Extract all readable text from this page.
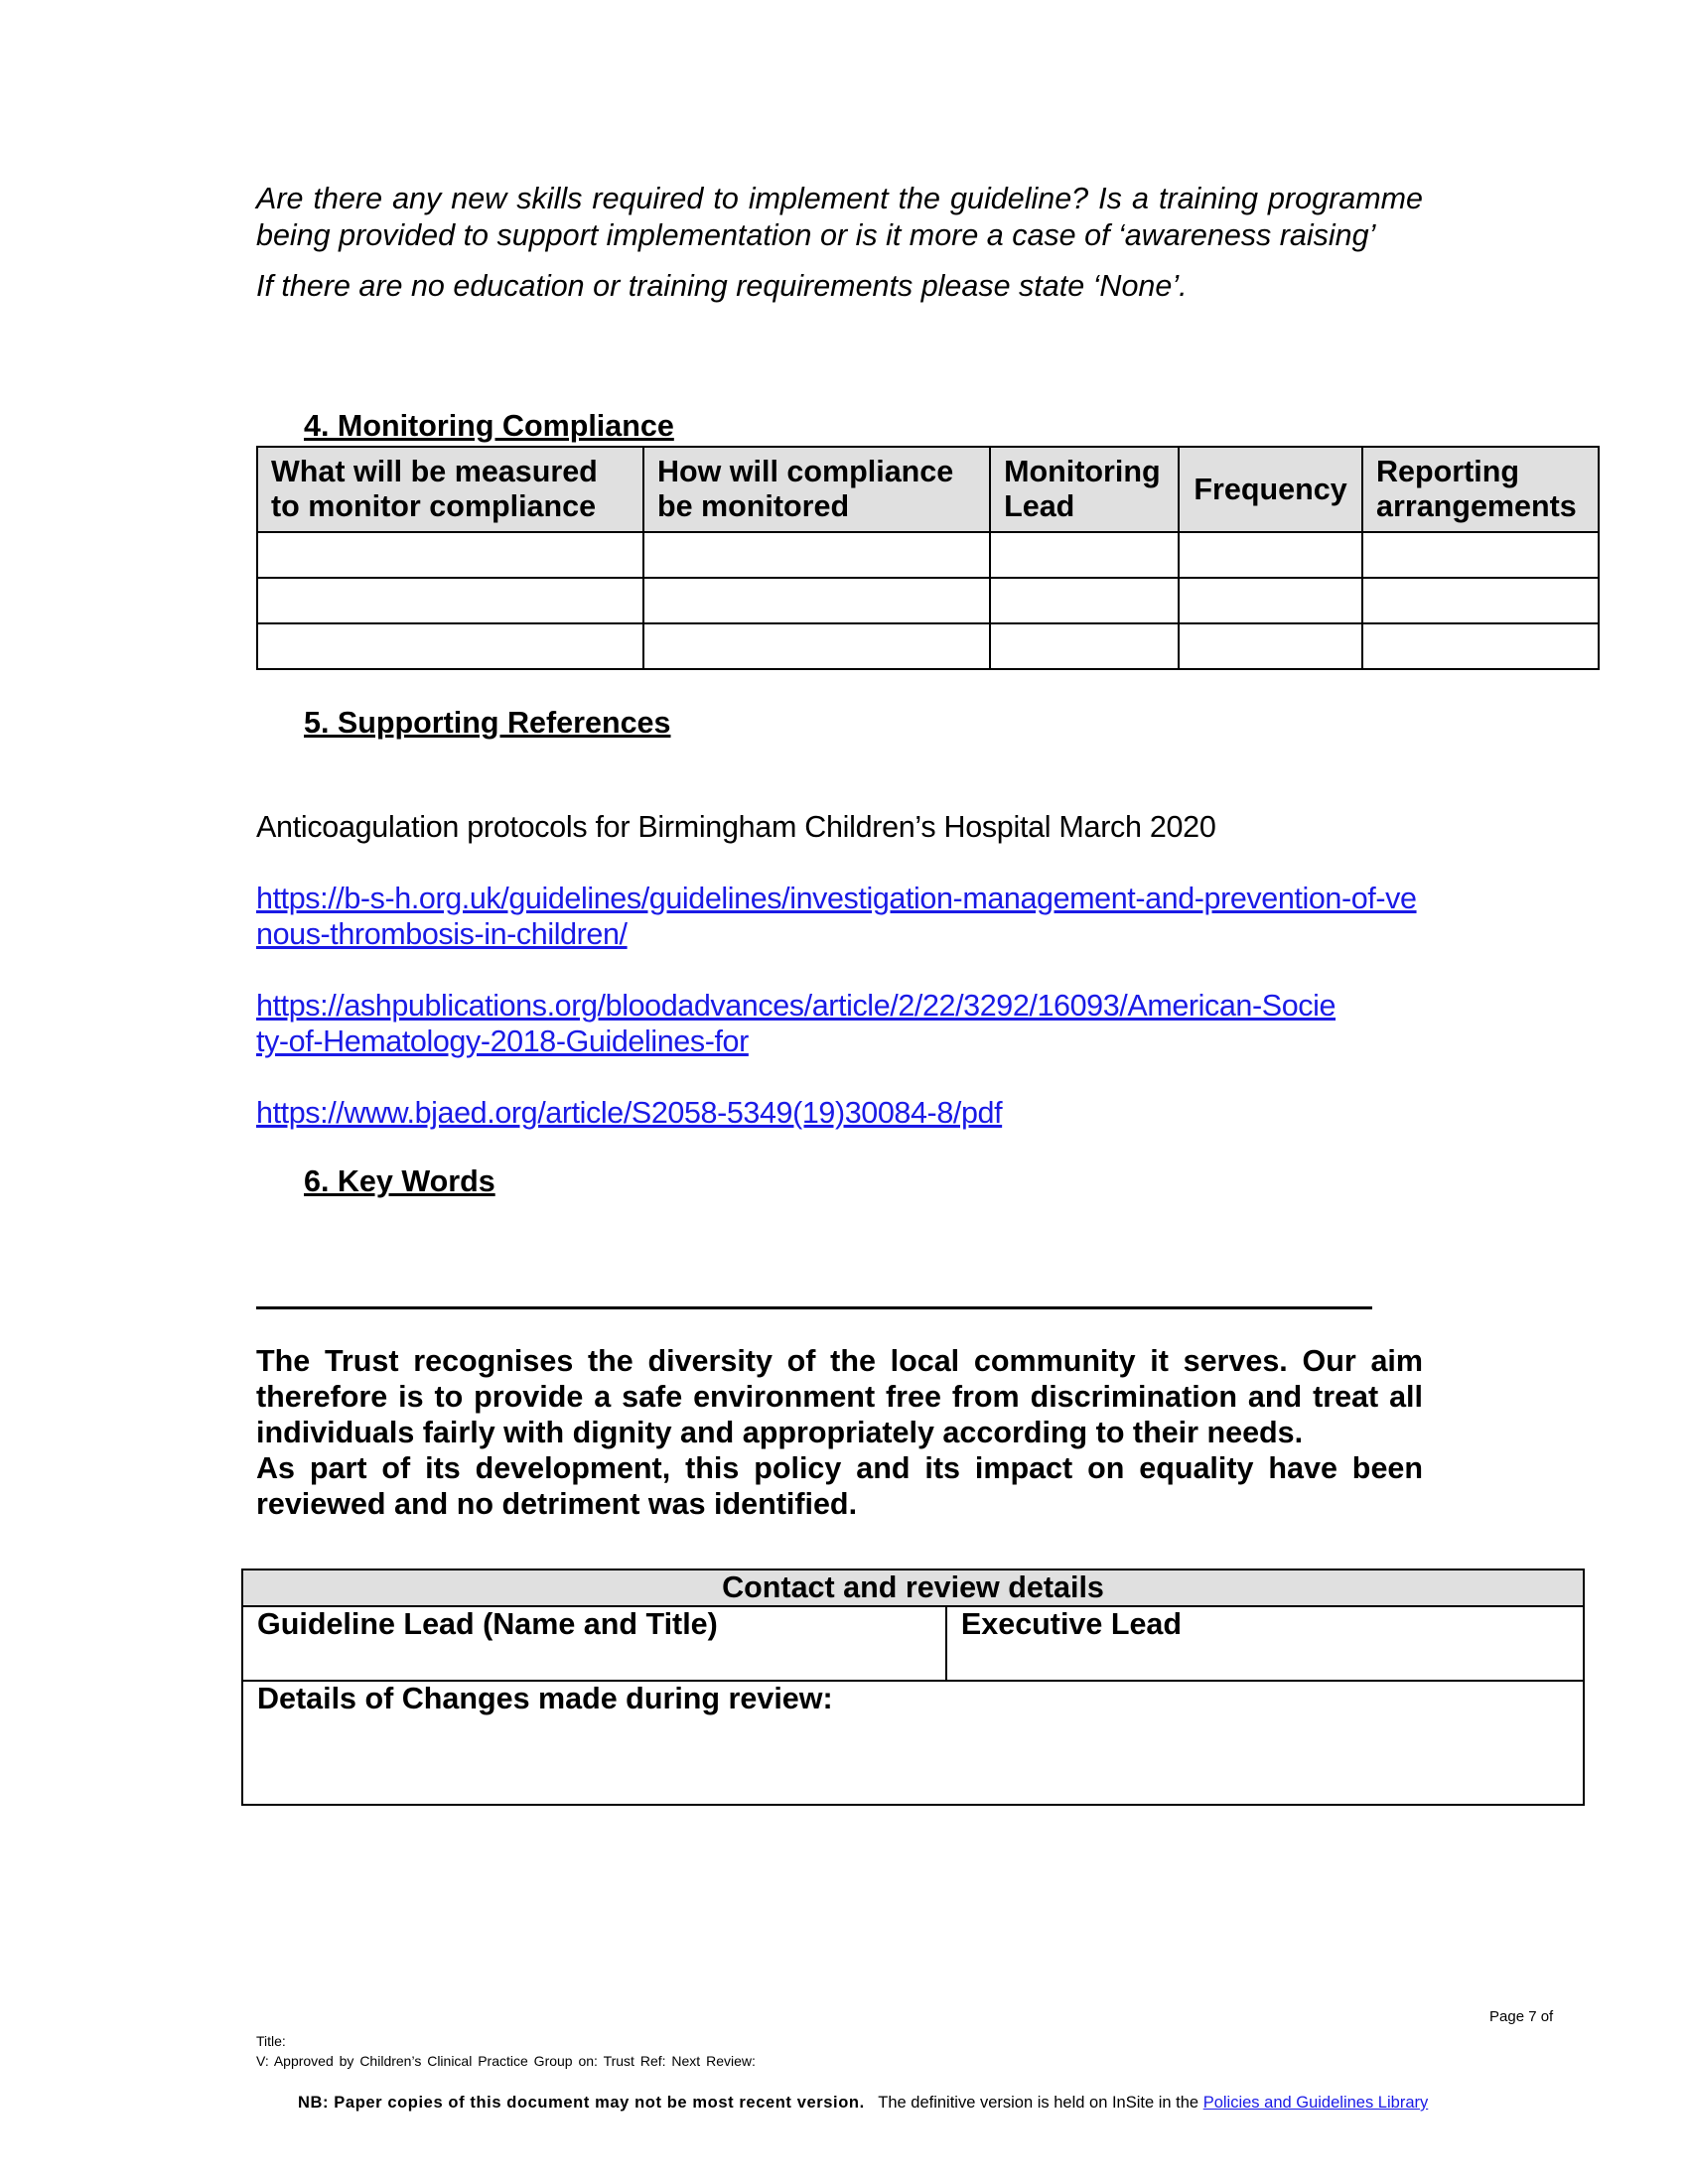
Are there any new skills required to implement the guideline? Is a training programme being provided to support implementation or is it more a case of ‘awareness raising’

If there are no education or training requirements please state ‘None’.

4. Monitoring Compliance
What will be measured to monitor compliance	How will compliance be monitored	Monitoring Lead	Frequency	Reporting arrangements

5. Supporting References

Anticoagulation protocols for Birmingham Children’s Hospital March 2020

https://b-s-h.org.uk/guidelines/guidelines/investigation-management-and-prevention-of-venous-thrombosis-in-children/
https://ashpublications.org/bloodadvances/article/2/22/3292/16093/American-Society-of-Hematology-2018-Guidelines-for
https://www.bjaed.org/article/S2058-5349(19)30084-8/pdf
6. Key Words

The Trust recognises the diversity of the local community it serves. Our aim therefore is to provide a safe environment free from discrimination and treat all individuals fairly with dignity and appropriately according to their needs.

As part of its development, this policy and its impact on equality have been reviewed and no detriment was identified.

Contact and review details
Guideline Lead (Name and Title)	Executive Lead
Details of Changes made during review:
Page 7 of
Title:
V: Approved by Children’s Clinical Practice Group on: Trust Ref: Next Review:
NB: Paper copies of this document may not be most recent version. The definitive version is held on InSite in the Policies and Guidelines Library
